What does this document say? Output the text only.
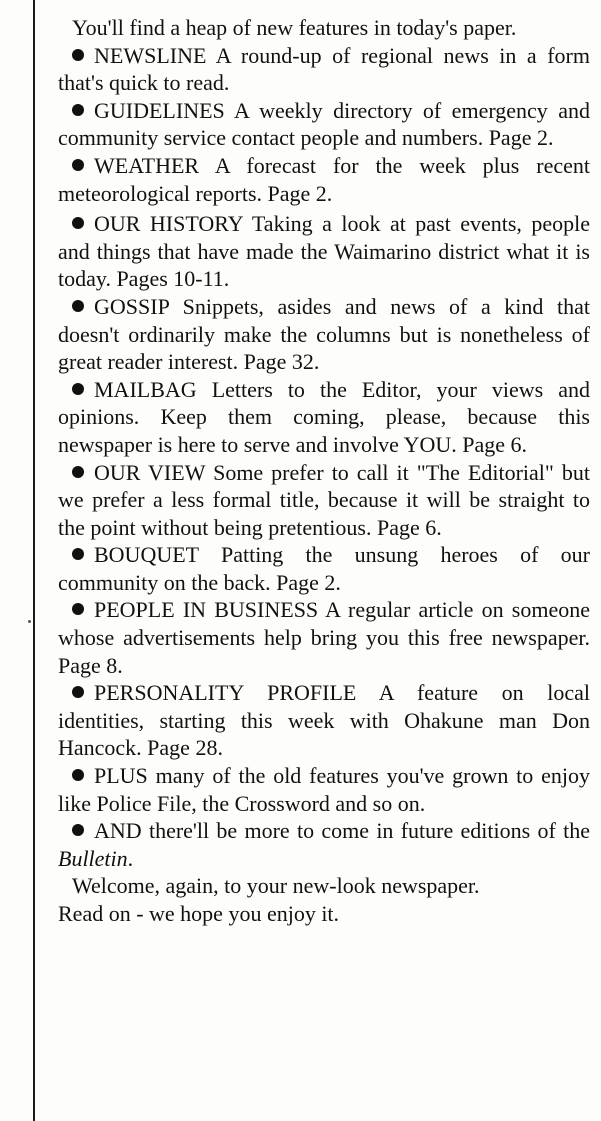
You'll find a heap of new features in today's paper.

NEWSLINE A round-up of regional news in a form that's quick to read.

GUIDELINES A weekly directory of emergency and community service contact people and numbers. Page 2.

WEATHER A forecast for the week plus recent meteorological reports. Page 2.

OUR HISTORY Taking a look at past events, people and things that have made the Waimarino district what it is today. Pages 10-11.

GOSSIP Snippets, asides and news of a kind that doesn't ordinarily make the columns but is nonetheless of great reader interest. Page 32.

MAILBAG Letters to the Editor, your views and opinions. Keep them coming, please, because this newspaper is here to serve and involve YOU. Page 6.

OUR VIEW Some prefer to call it "The Editorial" but we prefer a less formal title, because it will be straight to the point without being pretentious. Page 6.

BOUQUET Patting the unsung heroes of our community on the back. Page 2.

PEOPLE IN BUSINESS A regular article on someone whose advertisements help bring you this free newspaper. Page 8.

PERSONALITY PROFILE A feature on local identities, starting this week with Ohakune man Don Hancock. Page 28.

PLUS many of the old features you've grown to enjoy like Police File, the Crossword and so on.

AND there'll be more to come in future editions of the Bulletin.

Welcome, again, to your new-look newspaper.

Read on - we hope you enjoy it.
